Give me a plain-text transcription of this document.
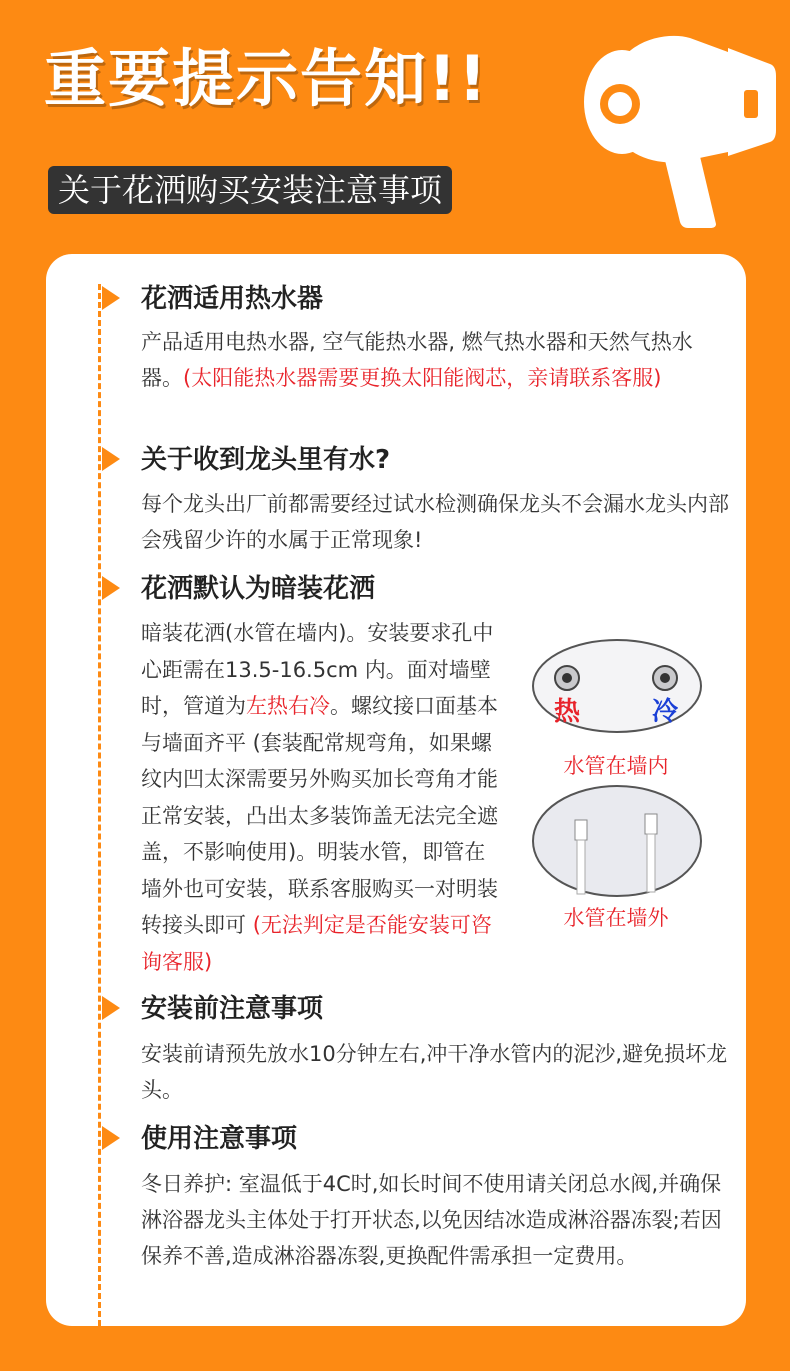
重要提示告知!!
关于花洒购买安装注意事项
花洒适用热水器
产品适用电热水器, 空气能热水器, 燃气热水器和天然气热水器。(太阳能热水器需要更换太阳能阀芯，亲请联系客服)
关于收到龙头里有水?
每个龙头出厂前都需要经过试水检测确保龙头不会漏水龙头内部会残留少许的水属于正常现象!
花洒默认为暗装花洒
暗装花洒(水管在墙内)。安装要求孔中心距需在13.5-16.5cm 内。面对墙壁时，管道为左热右冷。螺纹接口面基本与墙面齐平 (套装配常规弯角，如果螺纹内凹太深需要另外购买加长弯角才能正常安装，凸出太多装饰盖无法完全遮盖，不影响使用)。明装水管，即管在墙外也可安装，联系客服购买一对明装转接头即可 (无法判定是否能安装可咨询客服)
热	冷
水管在墙内
水管在墙外
安装前注意事项
安装前请预先放水10分钟左右,冲干净水管内的泥沙,避免损坏龙头。
使用注意事项
冬日养护: 室温低于4C时,如长时间不使用请关闭总水阀,并确保淋浴器龙头主体处于打开状态,以免因结冰造成淋浴器冻裂;若因保养不善,造成淋浴器冻裂,更换配件需承担一定费用。
